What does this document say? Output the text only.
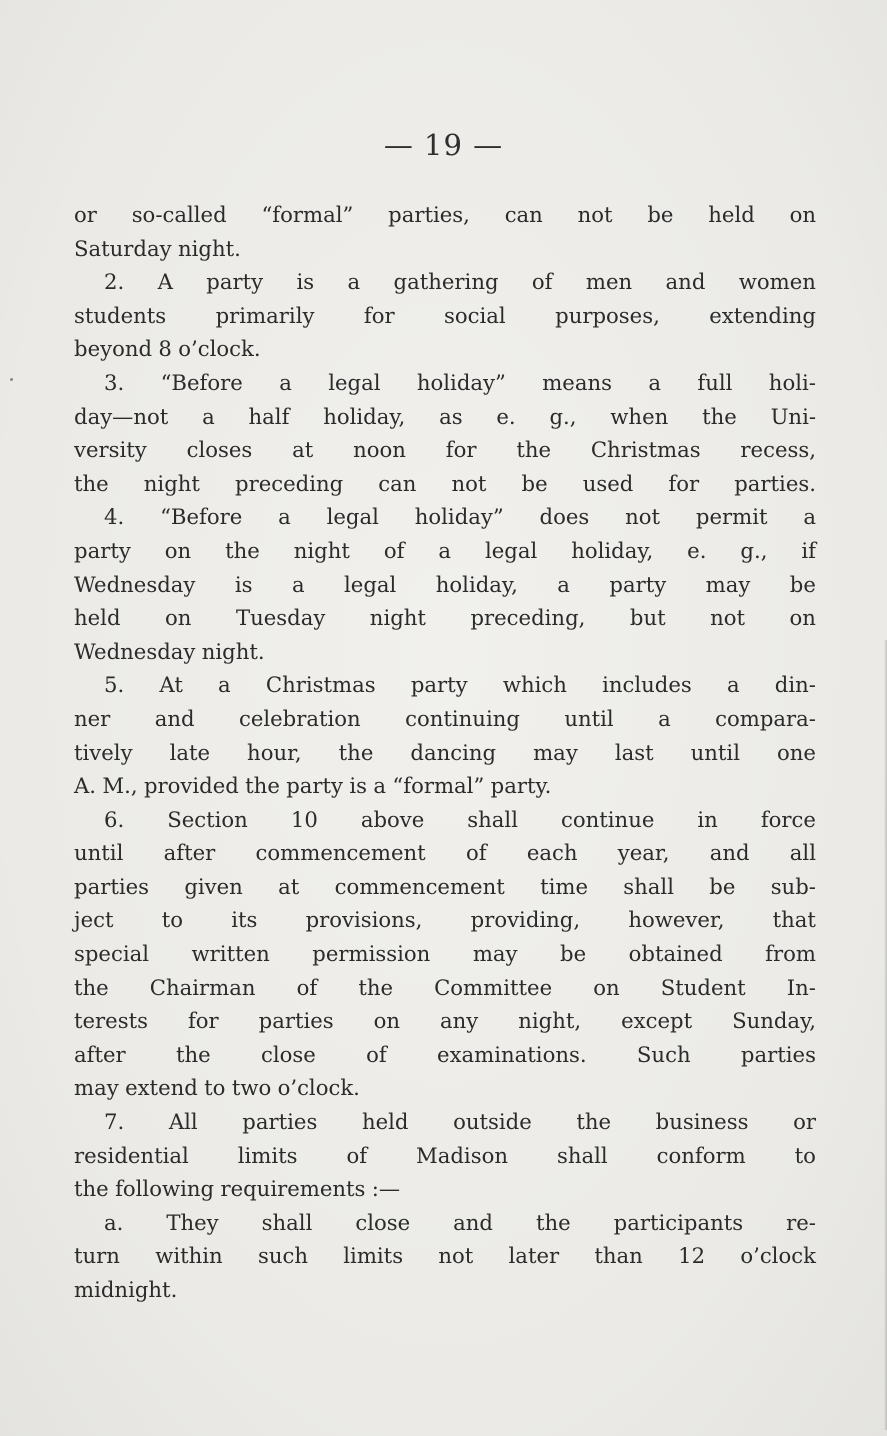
— 19 —
or so-called “formal” parties, can not be held on
Saturday night.
2. A party is a gathering of men and women
students primarily for social purposes, extending
beyond 8 o’clock.
3. “Before a legal holiday” means a full holi-
day—not a half holiday, as e. g., when the Uni-
versity closes at noon for the Christmas recess,
the night preceding can not be used for parties.
4. “Before a legal holiday” does not permit a
party on the night of a legal holiday, e. g., if
Wednesday is a legal holiday, a party may be
held on Tuesday night preceding, but not on
Wednesday night.
5. At a Christmas party which includes a din-
ner and celebration continuing until a compara-
tively late hour, the dancing may last until one
A. M., provided the party is a “formal” party.
6. Section 10 above shall continue in force
until after commencement of each year, and all
parties given at commencement time shall be sub-
ject to its provisions, providing, however, that
special written permission may be obtained from
the Chairman of the Committee on Student In-
terests for parties on any night, except Sunday,
after the close of examinations. Such parties
may extend to two o’clock.
7. All parties held outside the business or
residential limits of Madison shall conform to
the following requirements :—
a. They shall close and the participants re-
turn within such limits not later than 12 o’clock
midnight.
